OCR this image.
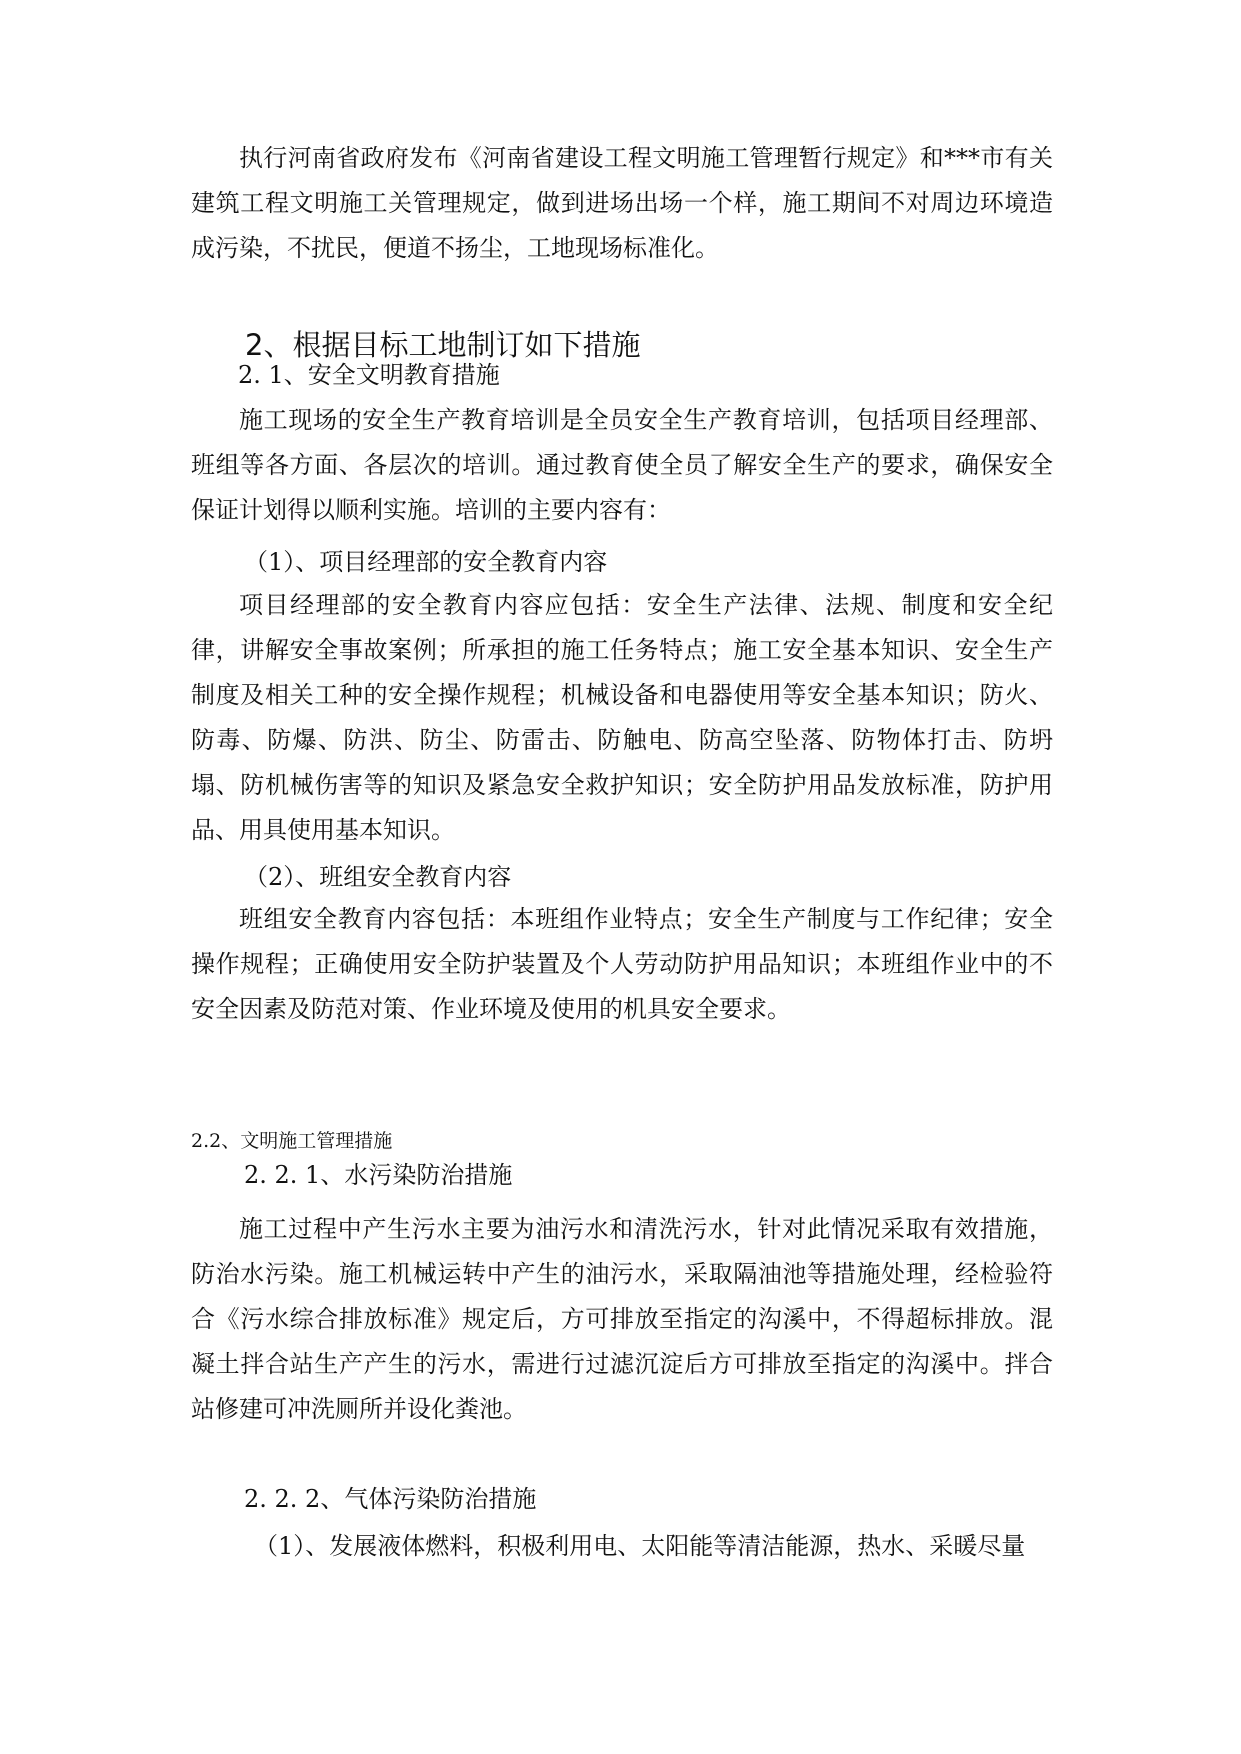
执行河南省政府发布《河南省建设工程文明施工管理暂行规定》和***市有关建筑工程文明施工关管理规定，做到进场出场一个样，施工期间不对周边环境造成污染，不扰民，便道不扬尘，工地现场标准化。

2、根据目标工地制订如下措施

2. 1、安全文明教育措施

施工现场的安全生产教育培训是全员安全生产教育培训，包括项目经理部、班组等各方面、各层次的培训。通过教育使全员了解安全生产的要求，确保安全保证计划得以顺利实施。培训的主要内容有：

（1）、项目经理部的安全教育内容

项目经理部的安全教育内容应包括：安全生产法律、法规、制度和安全纪律，讲解安全事故案例；所承担的施工任务特点；施工安全基本知识、安全生产制度及相关工种的安全操作规程；机械设备和电器使用等安全基本知识；防火、防毒、防爆、防洪、防尘、防雷击、防触电、防高空坠落、防物体打击、防坍塌、防机械伤害等的知识及紧急安全救护知识；安全防护用品发放标准，防护用品、用具使用基本知识。

（2）、班组安全教育内容

班组安全教育内容包括：本班组作业特点；安全生产制度与工作纪律；安全操作规程；正确使用安全防护装置及个人劳动防护用品知识；本班组作业中的不安全因素及防范对策、作业环境及使用的机具安全要求。

2.2、文明施工管理措施

2. 2. 1、水污染防治措施

施工过程中产生污水主要为油污水和清洗污水，针对此情况采取有效措施，防治水污染。施工机械运转中产生的油污水，采取隔油池等措施处理，经检验符合《污水综合排放标准》规定后，方可排放至指定的沟溪中，不得超标排放。混凝土拌合站生产产生的污水，需进行过滤沉淀后方可排放至指定的沟溪中。拌合站修建可冲洗厕所并设化粪池。

2. 2. 2、气体污染防治措施

（1）、发展液体燃料，积极利用电、太阳能等清洁能源，热水、采暖尽量
